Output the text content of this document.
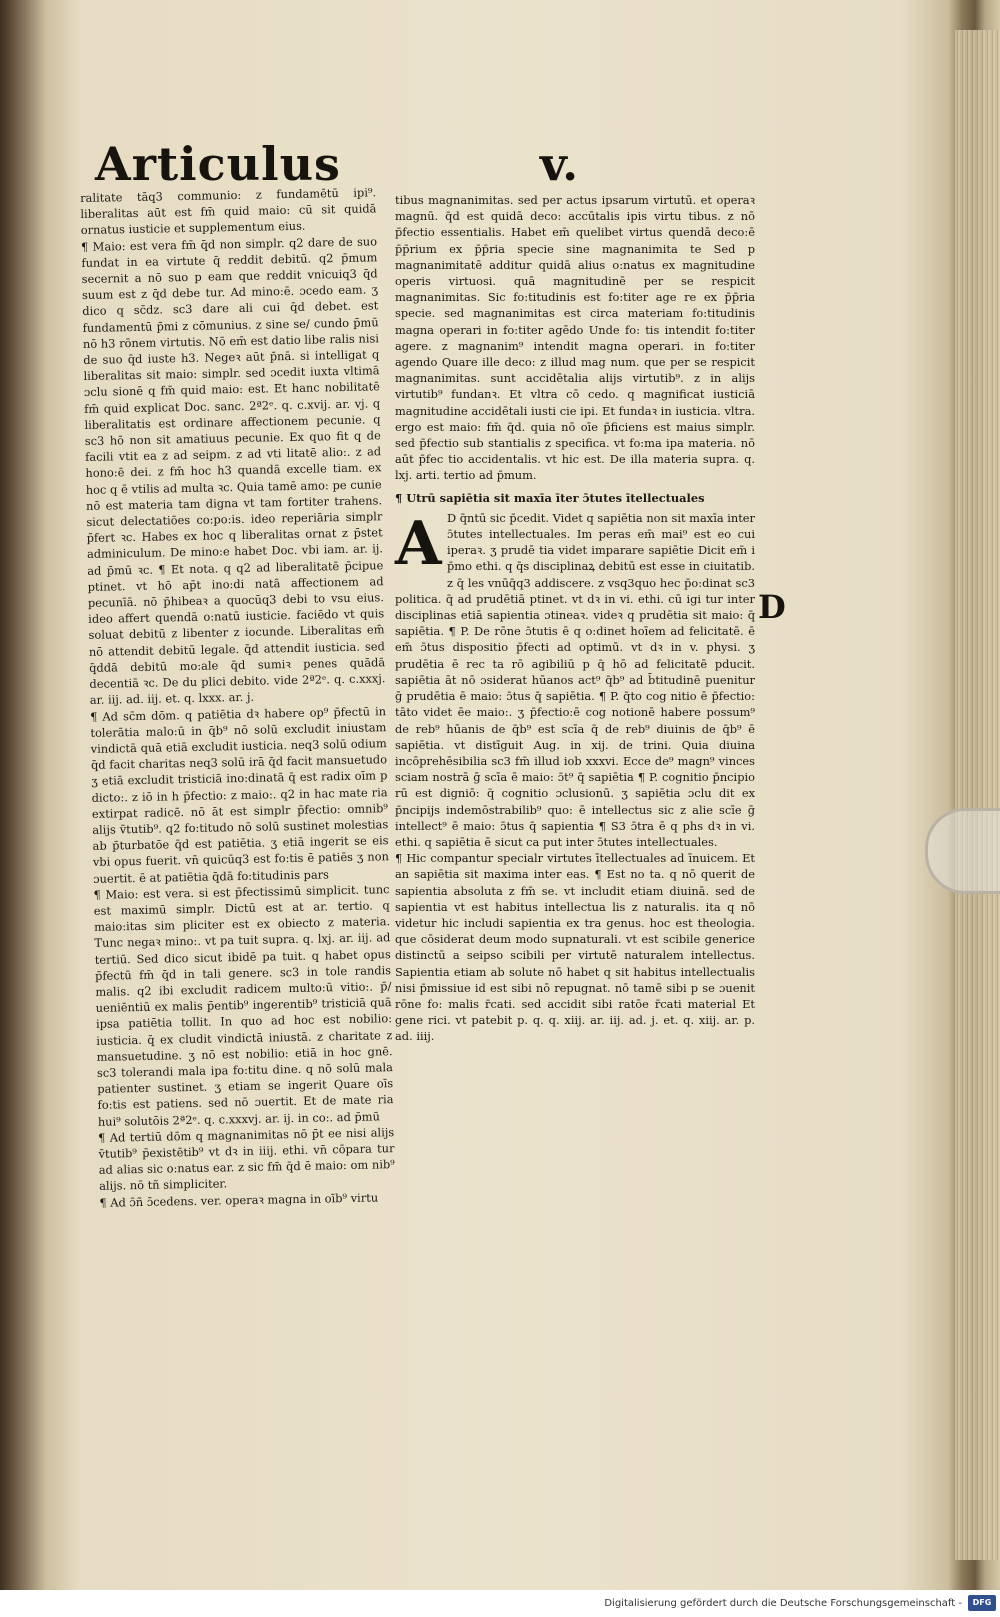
Articulus	v.

ralitate tāq3 communio: z fundamētū ipi⁹. liberalitas aūt est fm̄ quid maio: cū sit quidā ornatus iusticie et supplementum eius.

¶ Maio: est vera fm̄ q̄d non simplr. q2 dare de suo fundat in ea virtute q̄ reddit debitū. q2 p̄mum secernit a nō suo p eam que reddit vnicuiq3 q̄d suum est z q̄d debe tur. Ad mino:ē. ɔcedo eam. ʒ dico q sc̄dz. sc3 dare ali cui q̄d debet. est fundamentū p̄mi z cōmunius. z sine se/ cundo p̄mū nō h3 rōnem virtutis. Nō em̄ est datio libe ralis nisi de suo q̄d iuste h3. Negeꝛ aūt p̄nā. si intelligat q liberalitas sit maio: simplr. sed ɔcedit iuxta vltimā ɔclu sionē q fm̄ quid maio: est. Et hanc nobilitatē fm̄ quid explicat Doc. sanc. 2ª2ᵉ. q. c.xvij. ar. vj. q liberalitatis est ordinare affectionem pecunie. q sc3 hō non sit amatiuus pecunie. Ex quo fit q de facili vtit ea z ad seipm. z ad vti litatē alio:. z ad hono:ē dei. z fm̄ hoc h3 quandā excelle tiam. ex hoc q ē vtilis ad multa ꝛc. Quia tamē amo: pe cunie nō est materia tam digna vt tam fortiter trahens. sicut delectatiōes co:po:is. ideo reperiāria simplr p̄fert ꝛc. Habes ex hoc q liberalitas ornat z p̄stet adminiculum. De mino:e habet Doc. vbi iam. ar. ij. ad p̄mū ꝛc. ¶ Et nota. q q2 ad liberalitatē p̄cipue ptinet. vt hō ap̄t ino:di natā affectionem ad pecunīā. nō p̄hibeaꝛ a quocūq3 debi to vsu eius. ideo affert quendā o:natū iusticie. faciēdo vt quis soluat debitū z libenter z iocunde. Liberalitas em̄ nō attendit debitū legale. q̄d attendit iusticia. sed q̄ddā debitū mo:ale q̄d sumiꝛ penes quādā decentiā ꝛc. De du plici debito. vide 2ª2ᵉ. q. c.xxxj. ar. iij. ad. iij. et. q. lxxx. ar. j.

¶ Ad sc̄m dōm. q patiētia dꝛ habere op⁹ p̄fectū in tolerātia malo:ū in q̄b⁹ nō solū excludit iniustam vindictā quā etiā excludit iusticia. neq3 solū odium q̄d facit charitas neq3 solū irā q̄d facit mansuetudo ʒ etiā excludit tristiciā ino:dinatā q̄ est radix oīm p dicto:. z iō in h p̄fectio: z maio:. q2 in hac mate ria extirpat radicē. nō āt est simplr p̄fectio: omnib⁹ alijs v̄tutib⁹. q2 fo:titudo nō solū sustinet molestias ab p̄turbatōe q̄d est patiētia. ʒ etiā ingerit se eis vbi opus fuerit. vn̄ quicūq3 est fo:tis ē patiēs ʒ non ɔuertit. ē at patiētia q̄dā fo:titudinis pars

¶ Maio: est vera. si est p̄fectissimū simplicit. tunc est maximū simplr. Dictū est at ar. tertio. q maio:itas sim pliciter est ex obiecto z materia. Tunc negaꝛ mino:. vt pa tuit supra. q. lxj. ar. iij. ad tertiū. Sed dico sicut ibidē pa tuit. q habet opus p̄fectū fm̄ q̄d in tali genere. sc3 in tole randis malis. q2 ibi excludit radicem multo:ū vitio:. p̄/ ueniēntiū ex malis p̄entib⁹ ingerentib⁹ tristiciā quā ipsa patiētia tollit. In quo ad hoc est nobilio: iusticia. q̄ ex cludit vindictā iniustā. z charitate z mansuetudine. ʒ nō est nobilio: etiā in hoc gnē. sc3 tolerandi mala ipa fo:titu dine. q nō solū mala patienter sustinet. ʒ etiam se ingerit Quare oīs fo:tis est patiens. sed nō ɔuertit. Et de mate ria hui⁹ solutōis 2ª2ᵉ. q. c.xxxvj. ar. ij. in co:. ad p̄mū

¶ Ad tertiū dōm q magnanimitas nō p̄t ee nisi alijs v̄tutib⁹ p̄existētib⁹ vt dꝛ in iiij. ethi. vn̄ cōpara tur ad alias sic o:natus ear. z sic fm̄ q̄d ē maio: om nib⁹ alijs. nō tñ simpliciter.

¶ Ad ɔ̄ñ ɔ̄cedens. ver. operaꝛ magna in oīb⁹ virtu

tibus magnanimitas. sed per actus ipsarum virtutū. et operaꝛ magnū. q̄d est quidā deco: accūtalis ipis virtu tibus. z nō p̄fectio essentialis. Habet em̄ quelibet virtus quendā deco:ē p̄p̄rium ex p̄p̄ria specie sine magnanimita te Sed p magnanimitatē additur quidā alius o:natus ex magnitudine operis virtuosi. quā magnitudinē per se respicit magnanimitas. Sic fo:titudinis est fo:titer age re ex p̄p̄ria specie. sed magnanimitas est circa materiam fo:titudinis magna operari in fo:titer agēdo Unde fo: tis intendit fo:titer agere. z magnanim⁹ intendit magna operari. in fo:titer agendo Quare ille deco: z illud mag num. que per se respicit magnanimitas. sunt accidētalia alijs virtutib⁹. z in alijs virtutib⁹ fundanꝛ. Et vltra cō cedo. q magnificat iusticiā magnitudine accidētali iusti cie ipi. Et fundaꝛ in iusticia. vltra. ergo est maio: fm̄ q̄d. quia nō oīe p̄ficiens est maius simplr. sed p̄fectio sub stantialis z specifica. vt fo:ma ipa materia. nō aūt p̄fec tio accidentalis. vt hic est. De illa materia supra. q. lxj. arti. tertio ad p̄mum.

¶ Utrū sapiētia sit maxīa īter ɔ̄tutes ītellectuales

A D q̄ntū sic p̄cedit. Videt q sapiētia non sit maxīa inter ɔ̄tutes intellectuales. Im peras em̄ mai⁹ est eo cui iperaꝛ. ʒ prudē tia videt imparare sapiētie Dicit em̄ i p̄mo ethi. q q̄s disciplinaꝝ debitū est esse in ciuitatib. z q̄ les vnūq̄q3 addiscere. z vsq3quo hec p̄o:dinat sc3 politica. q̄ ad prudētiā ptinet. vt dꝛ in vi. ethi. cū igi tur inter disciplinas etiā sapientia ɔtineaꝛ. videꝛ q prudētia sit maio: q̄ sapiētia. ¶ P. De rōne ɔ̄tutis ē q o:dinet hoīem ad felicitatē. ē em̄ ɔ̄tus dispositio p̄fecti ad optimū. vt dꝛ in v. physi. ʒ prudētia ē rec ta rō agibiliū p q̄ hō ad felicitatē pducit. sapiētia āt nō ɔsiderat hūanos act⁹ q̄b⁹ ad b̄titudinē puenitur ḡ prudētia ē maio: ɔ̄tus q̄ sapiētia. ¶ P. q̄to cog nitio ē p̄fectio: tāto videt ēe maio:. ʒ p̄fectio:ē cog notionē habere possum⁹ de reb⁹ hūanis de q̄b⁹ est scīa q̄ de reb⁹ diuinis de q̄b⁹ ē sapiētia. vt distīguit Aug. in xij. de trini. Quia diuina incōprehēsibilia sc3 fm̄ illud iob xxxvi. Ecce de⁹ magn⁹ vinces sciam nostrā ḡ scīa ē maio: ɔ̄t⁹ q̄ sapiētia ¶ P. cognitio p̄ncipio rū est digniō: q̄ cognitio ɔclusionū. ʒ sapiētia ɔclu dit ex p̄ncipijs indemōstrabilib⁹ quo: ē intellectus sic z alie scīe ḡ intellect⁹ ē maio: ɔ̄tus q̄ sapientia ¶ S3 ɔ̄tra ē q phs dꝛ in vi. ethi. q sapiētia ē sicut ca put inter ɔ̄tutes intellectuales.

¶ Hic compantur specialr virtutes ītellectuales ad īnuicem. Et an sapiētia sit maxima inter eas. ¶ Est no ta. q nō querit de sapientia absoluta z fm̄ se. vt includit etiam diuinā. sed de sapientia vt est habitus intellectua lis z naturalis. ita q nō videtur hic includi sapientia ex tra genus. hoc est theologia. que cōsiderat deum modo supnaturali. vt est scibile generice distinctū a seipso scibili per virtutē naturalem intellectus. Sapientia etiam ab solute nō habet q sit habitus intellectualis nisi p̄missiue id est sibi nō repugnat. nō tamē sibi p se ɔuenit rōne fo: malis r̄cati. sed accidit sibi ratōe r̄cati material Et gene rici. vt patebit p. q. q. xiij. ar. iij. ad. j. et. q. xiij. ar. p. ad. iiij.

D
Digitalisierung gefördert durch die Deutsche Forschungsgemeinschaft -	DFG
